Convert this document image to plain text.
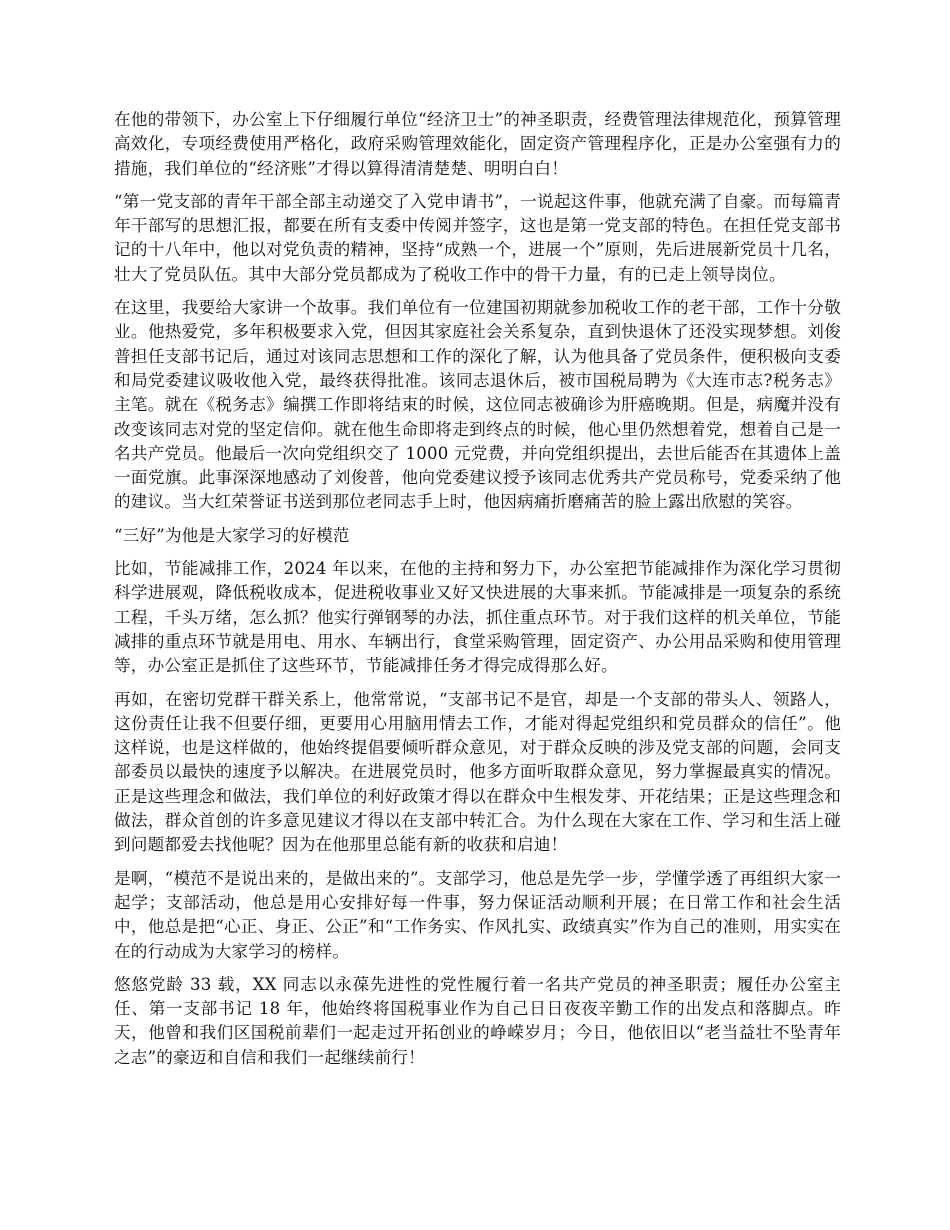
在他的带领下，办公室上下仔细履行单位“经济卫士”的神圣职责，经费管理法律规范化，预算管理高效化，专项经费使用严格化，政府采购管理效能化，固定资产管理程序化，正是办公室强有力的措施，我们单位的“经济账”才得以算得清清楚楚、明明白白！

“第一党支部的青年干部全部主动递交了入党申请书”，一说起这件事，他就充满了自豪。而每篇青年干部写的思想汇报，都要在所有支委中传阅并签字，这也是第一党支部的特色。在担任党支部书记的十八年中，他以对党负责的精神，坚持“成熟一个，进展一个”原则，先后进展新党员十几名，壮大了党员队伍。其中大部分党员都成为了税收工作中的骨干力量，有的已走上领导岗位。

在这里，我要给大家讲一个故事。我们单位有一位建国初期就参加税收工作的老干部，工作十分敬业。他热爱党，多年积极要求入党，但因其家庭社会关系复杂，直到快退休了还没实现梦想。刘俊普担任支部书记后，通过对该同志思想和工作的深化了解，认为他具备了党员条件，便积极向支委和局党委建议吸收他入党，最终获得批准。该同志退休后，被市国税局聘为《大连市志?税务志》主笔。就在《税务志》编撰工作即将结束的时候，这位同志被确诊为肝癌晚期。但是，病魔并没有改变该同志对党的坚定信仰。就在他生命即将走到终点的时候，他心里仍然想着党，想着自己是一名共产党员。他最后一次向党组织交了 1000 元党费，并向党组织提出，去世后能否在其遗体上盖一面党旗。此事深深地感动了刘俊普，他向党委建议授予该同志优秀共产党员称号，党委采纳了他的建议。当大红荣誉证书送到那位老同志手上时，他因病痛折磨痛苦的脸上露出欣慰的笑容。

“三好”为他是大家学习的好模范

比如，节能减排工作，2024 年以来，在他的主持和努力下，办公室把节能减排作为深化学习贯彻科学进展观，降低税收成本，促进税收事业又好又快进展的大事来抓。节能减排是一项复杂的系统工程，千头万绪，怎么抓？他实行弹钢琴的办法，抓住重点环节。对于我们这样的机关单位，节能减排的重点环节就是用电、用水、车辆出行，食堂采购管理，固定资产、办公用品采购和使用管理等，办公室正是抓住了这些环节，节能减排任务才得完成得那么好。

再如，在密切党群干群关系上，他常常说，“支部书记不是官，却是一个支部的带头人、领路人，这份责任让我不但要仔细，更要用心用脑用情去工作，才能对得起党组织和党员群众的信任”。他这样说，也是这样做的，他始终提倡要倾听群众意见，对于群众反映的涉及党支部的问题，会同支部委员以最快的速度予以解决。在进展党员时，他多方面听取群众意见，努力掌握最真实的情况。正是这些理念和做法，我们单位的利好政策才得以在群众中生根发芽、开花结果；正是这些理念和做法，群众首创的许多意见建议才得以在支部中转汇合。为什么现在大家在工作、学习和生活上碰到问题都爱去找他呢？因为在他那里总能有新的收获和启迪！

是啊，“模范不是说出来的，是做出来的”。支部学习，他总是先学一步，学懂学透了再组织大家一起学；支部活动，他总是用心安排好每一件事，努力保证活动顺利开展；在日常工作和社会生活中，他总是把“心正、身正、公正”和“工作务实、作风扎实、政绩真实”作为自己的准则，用实实在在的行动成为大家学习的榜样。

悠悠党龄 33 载，XX 同志以永葆先进性的党性履行着一名共产党员的神圣职责；履任办公室主任、第一支部书记 18 年，他始终将国税事业作为自己日日夜夜辛勤工作的出发点和落脚点。昨天，他曾和我们区国税前辈们一起走过开拓创业的峥嵘岁月；今日，他依旧以“老当益壮不坠青年之志”的豪迈和自信和我们一起继续前行！
